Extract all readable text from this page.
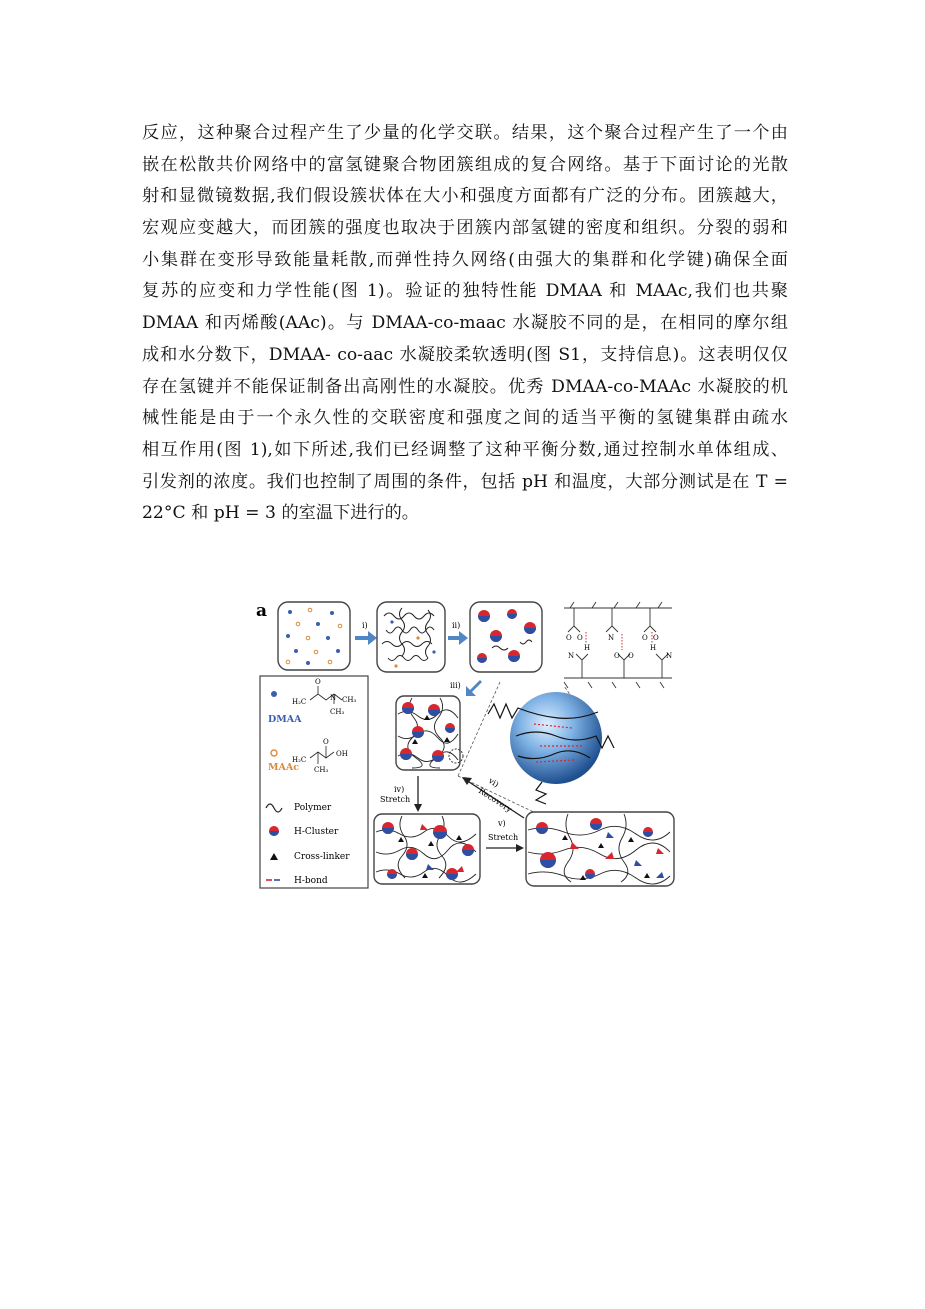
反应，这种聚合过程产生了少量的化学交联。结果，这个聚合过程产生了一个由
嵌在松散共价网络中的富氢键聚合物团簇组成的复合网络。基于下面讨论的光散
射和显微镜数据,我们假设簇状体在大小和强度方面都有广泛的分布。团簇越大，
宏观应变越大，而团簇的强度也取决于团簇内部氢键的密度和组织。分裂的弱和
小集群在变形导致能量耗散,而弹性持久网络(由强大的集群和化学键)确保全面
复苏的应变和力学性能(图 1)。验证的独特性能 DMAA 和 MAAc,我们也共聚
DMAA 和丙烯酸(AAc)。与 DMAA-co-maac 水凝胶不同的是，在相同的摩尔组
成和水分数下，DMAA- co-aac 水凝胶柔软透明(图 S1，支持信息)。这表明仅仅
存在氢键并不能保证制备出高刚性的水凝胶。优秀 DMAA-co-MAAc 水凝胶的机
械性能是由于一个永久性的交联密度和强度之间的适当平衡的氢键集群由疏水
相互作用(图 1),如下所述,我们已经调整了这种平衡分数,通过控制水单体组成、
引发剂的浓度。我们也控制了周围的条件，包括 pH 和温度，大部分测试是在 T =
22°C 和 pH = 3 的室温下进行的。
a
i)	ii)
O O	N	O O
H	H
N	O O	N
iii)
vi)
Recovery
iv)
Stretch
v)
Stretch
H₂C
O
N CH₃
CH₃
DMAA
H₂C
O
OH
CH₃
MAAc
Polymer
H-Cluster
Cross-linker
H-bond
